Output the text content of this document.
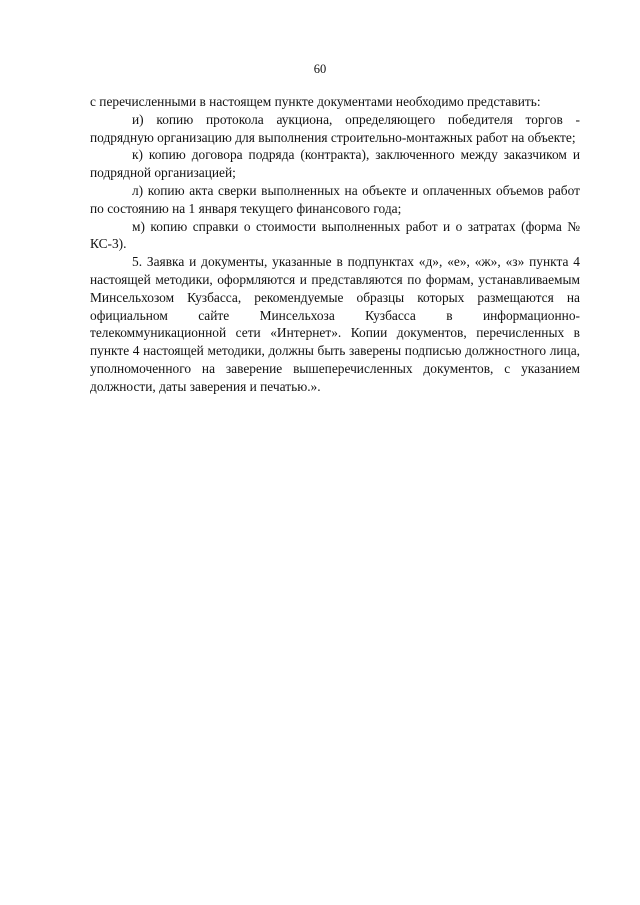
60

с перечисленными в настоящем пункте документами необходимо представить:

и) копию протокола аукциона, определяющего победителя торгов - подрядную организацию для выполнения строительно-монтажных работ на объекте;

к) копию договора подряда (контракта), заключенного между заказчиком и подрядной организацией;

л) копию акта сверки выполненных на объекте и оплаченных объемов работ по состоянию на 1 января текущего финансового года;

м) копию справки о стоимости выполненных работ и о затратах (форма № КС-3).

5. Заявка и документы, указанные в подпунктах «д», «е», «ж», «з» пункта 4 настоящей методики, оформляются и представляются по формам, устанавливаемым Минсельхозом Кузбасса, рекомендуемые образцы которых размещаются на официальном сайте Минсельхоза Кузбасса в информационно-телекоммуникационной сети «Интернет». Копии документов, перечисленных в пункте 4 настоящей методики, должны быть заверены подписью должностного лица, уполномоченного на заверение вышеперечисленных документов, с указанием должности, даты заверения и печатью.».
